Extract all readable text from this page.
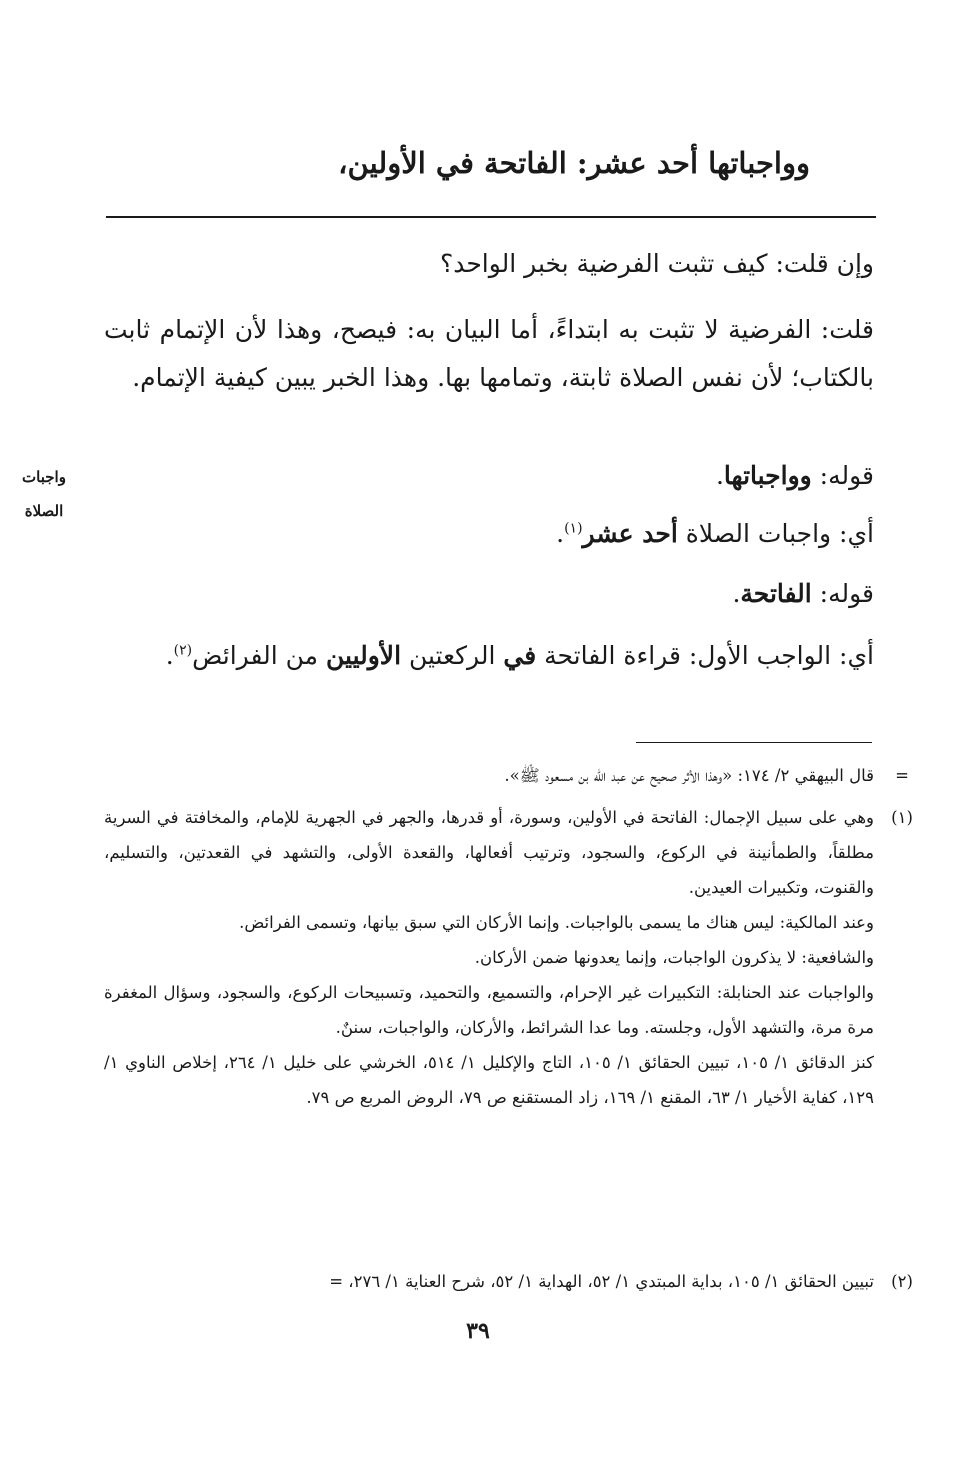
وواجباتها أحد عشر: الفاتحة في الأولين،
واجبات
الصلاة

وإن قلت: كيف تثبت الفرضية بخبر الواحد؟

قلت: الفرضية لا تثبت به ابتداءً، أما البيان به: فيصح، وهذا لأن الإتمام ثابت بالكتاب؛ لأن نفس الصلاة ثابتة، وتمامها بها. وهذا الخبر يبين كيفية الإتمام.

قوله: وواجباتها.

أي: واجبات الصلاة أحد عشر$^{(١)}$.

قوله: الفاتحة.

أي: الواجب الأول: قراءة الفاتحة في الركعتين الأوليين من الفرائض$^{(٢)}$.

=

قال البيهقي ٢/ ١٧٤: «وهذا الأثر صحيح عن عبد الله بن مسعود ﷺ».

(١)

وهي على سبيل الإجمال: الفاتحة في الأولين، وسورة، أو قدرها، والجهر في الجهرية للإمام، والمخافتة في السرية مطلقاً، والطمأنينة في الركوع، والسجود، وترتيب أفعالها، والقعدة الأولى، والتشهد في القعدتين، والتسليم، والقنوت، وتكبيرات العيدين.

وعند المالكية: ليس هناك ما يسمى بالواجبات. وإنما الأركان التي سبق بيانها، وتسمى الفرائض.

والشافعية: لا يذكرون الواجبات، وإنما يعدونها ضمن الأركان.

والواجبات عند الحنابلة: التكبيرات غير الإحرام، والتسميع، والتحميد، وتسبيحات الركوع، والسجود، وسؤال المغفرة مرة مرة، والتشهد الأول، وجلسته. وما عدا الشرائط، والأركان، والواجبات، سننٌ.

كنز الدقائق ١/ ١٠٥، تبيين الحقائق ١/ ١٠٥، التاج والإكليل ١/ ٥١٤، الخرشي على خليل ١/ ٢٦٤، إخلاص الناوي ١/ ١٢٩، كفاية الأخيار ١/ ٦٣، المقنع ١/ ١٦٩، زاد المستقنع ص ٧٩، الروض المربع ص ٧٩.

(٢)

تبيين الحقائق ١/ ١٠٥، بداية المبتدي ١/ ٥٢، الهداية ١/ ٥٢، شرح العناية ١/ ٢٧٦، =

٣٩
